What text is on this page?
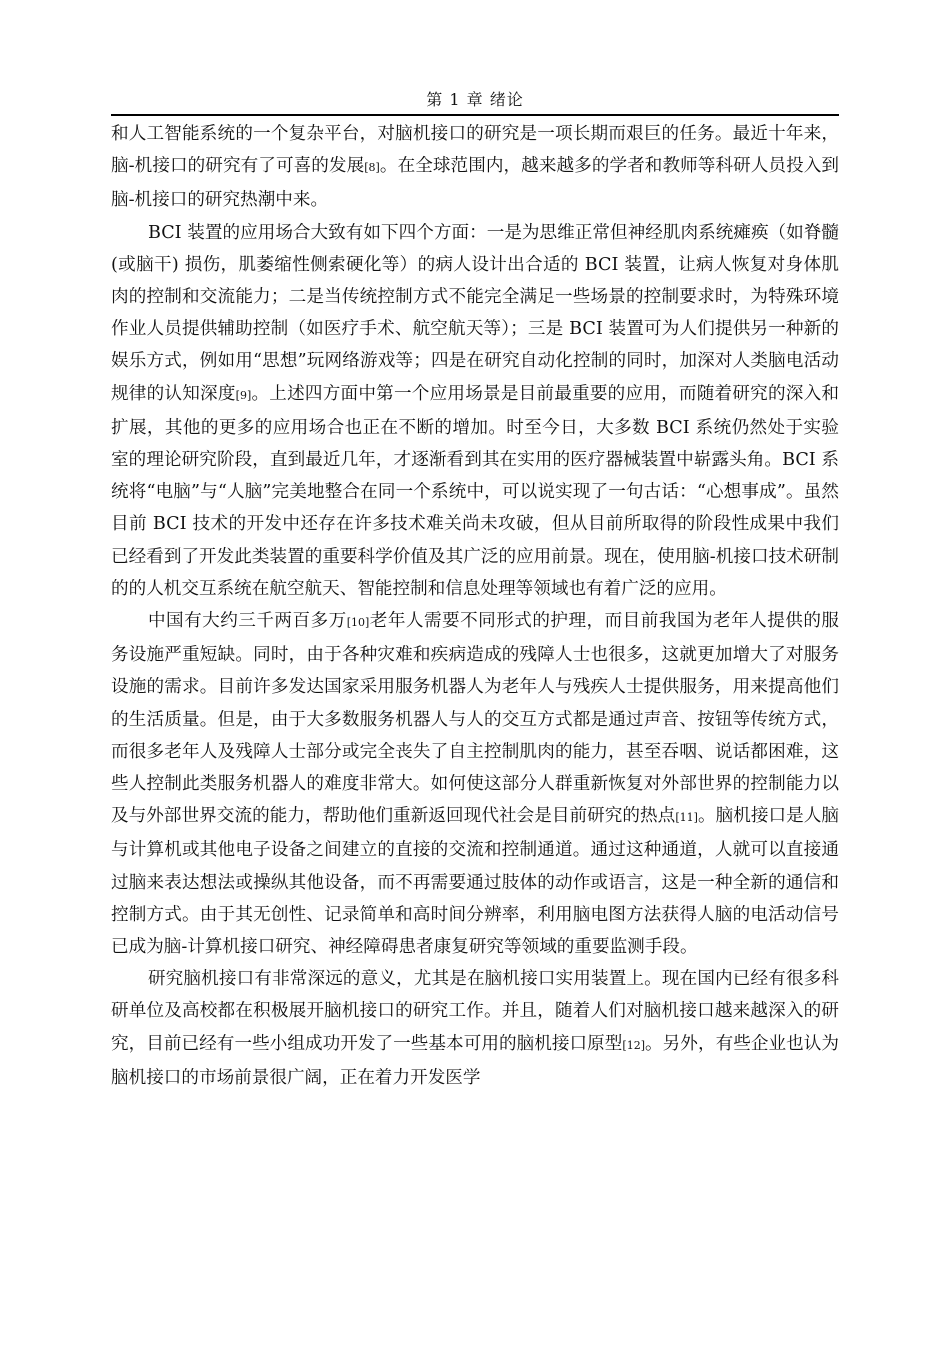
第 1 章 绪论

和人工智能系统的一个复杂平台，对脑机接口的研究是一项长期而艰巨的任务。最近十年来，脑-机接口的研究有了可喜的发展[8]。在全球范围内，越来越多的学者和教师等科研人员投入到脑-机接口的研究热潮中来。

BCI 装置的应用场合大致有如下四个方面：一是为思维正常但神经肌肉系统瘫痪（如脊髓 (或脑干) 损伤，肌萎缩性侧索硬化等）的病人设计出合适的 BCI 装置，让病人恢复对身体肌肉的控制和交流能力；二是当传统控制方式不能完全满足一些场景的控制要求时，为特殊环境作业人员提供辅助控制（如医疗手术、航空航天等）；三是 BCI 装置可为人们提供另一种新的娱乐方式，例如用“思想”玩网络游戏等；四是在研究自动化控制的同时，加深对人类脑电活动规律的认知深度[9]。上述四方面中第一个应用场景是目前最重要的应用，而随着研究的深入和扩展，其他的更多的应用场合也正在不断的增加。时至今日，大多数 BCI 系统仍然处于实验室的理论研究阶段，直到最近几年，才逐渐看到其在实用的医疗器械装置中崭露头角。BCI 系统将“电脑”与“人脑”完美地整合在同一个系统中，可以说实现了一句古话：“心想事成”。虽然目前 BCI 技术的开发中还存在许多技术难关尚未攻破，但从目前所取得的阶段性成果中我们已经看到了开发此类装置的重要科学价值及其广泛的应用前景。现在，使用脑-机接口技术研制的的人机交互系统在航空航天、智能控制和信息处理等领域也有着广泛的应用。

中国有大约三千两百多万[10]老年人需要不同形式的护理，而目前我国为老年人提供的服务设施严重短缺。同时，由于各种灾难和疾病造成的残障人士也很多，这就更加增大了对服务设施的需求。目前许多发达国家采用服务机器人为老年人与残疾人士提供服务，用来提高他们的生活质量。但是，由于大多数服务机器人与人的交互方式都是通过声音、按钮等传统方式，而很多老年人及残障人士部分或完全丧失了自主控制肌肉的能力，甚至吞咽、说话都困难，这些人控制此类服务机器人的难度非常大。如何使这部分人群重新恢复对外部世界的控制能力以及与外部世界交流的能力，帮助他们重新返回现代社会是目前研究的热点[11]。脑机接口是人脑与计算机或其他电子设备之间建立的直接的交流和控制通道。通过这种通道，人就可以直接通过脑来表达想法或操纵其他设备，而不再需要通过肢体的动作或语言，这是一种全新的通信和控制方式。由于其无创性、记录简单和高时间分辨率，利用脑电图方法获得人脑的电活动信号已成为脑-计算机接口研究、神经障碍患者康复研究等领域的重要监测手段。

研究脑机接口有非常深远的意义，尤其是在脑机接口实用装置上。现在国内已经有很多科研单位及高校都在积极展开脑机接口的研究工作。并且，随着人们对脑机接口越来越深入的研究，目前已经有一些小组成功开发了一些基本可用的脑机接口原型[12]。另外，有些企业也认为脑机接口的市场前景很广阔，正在着力开发医学
